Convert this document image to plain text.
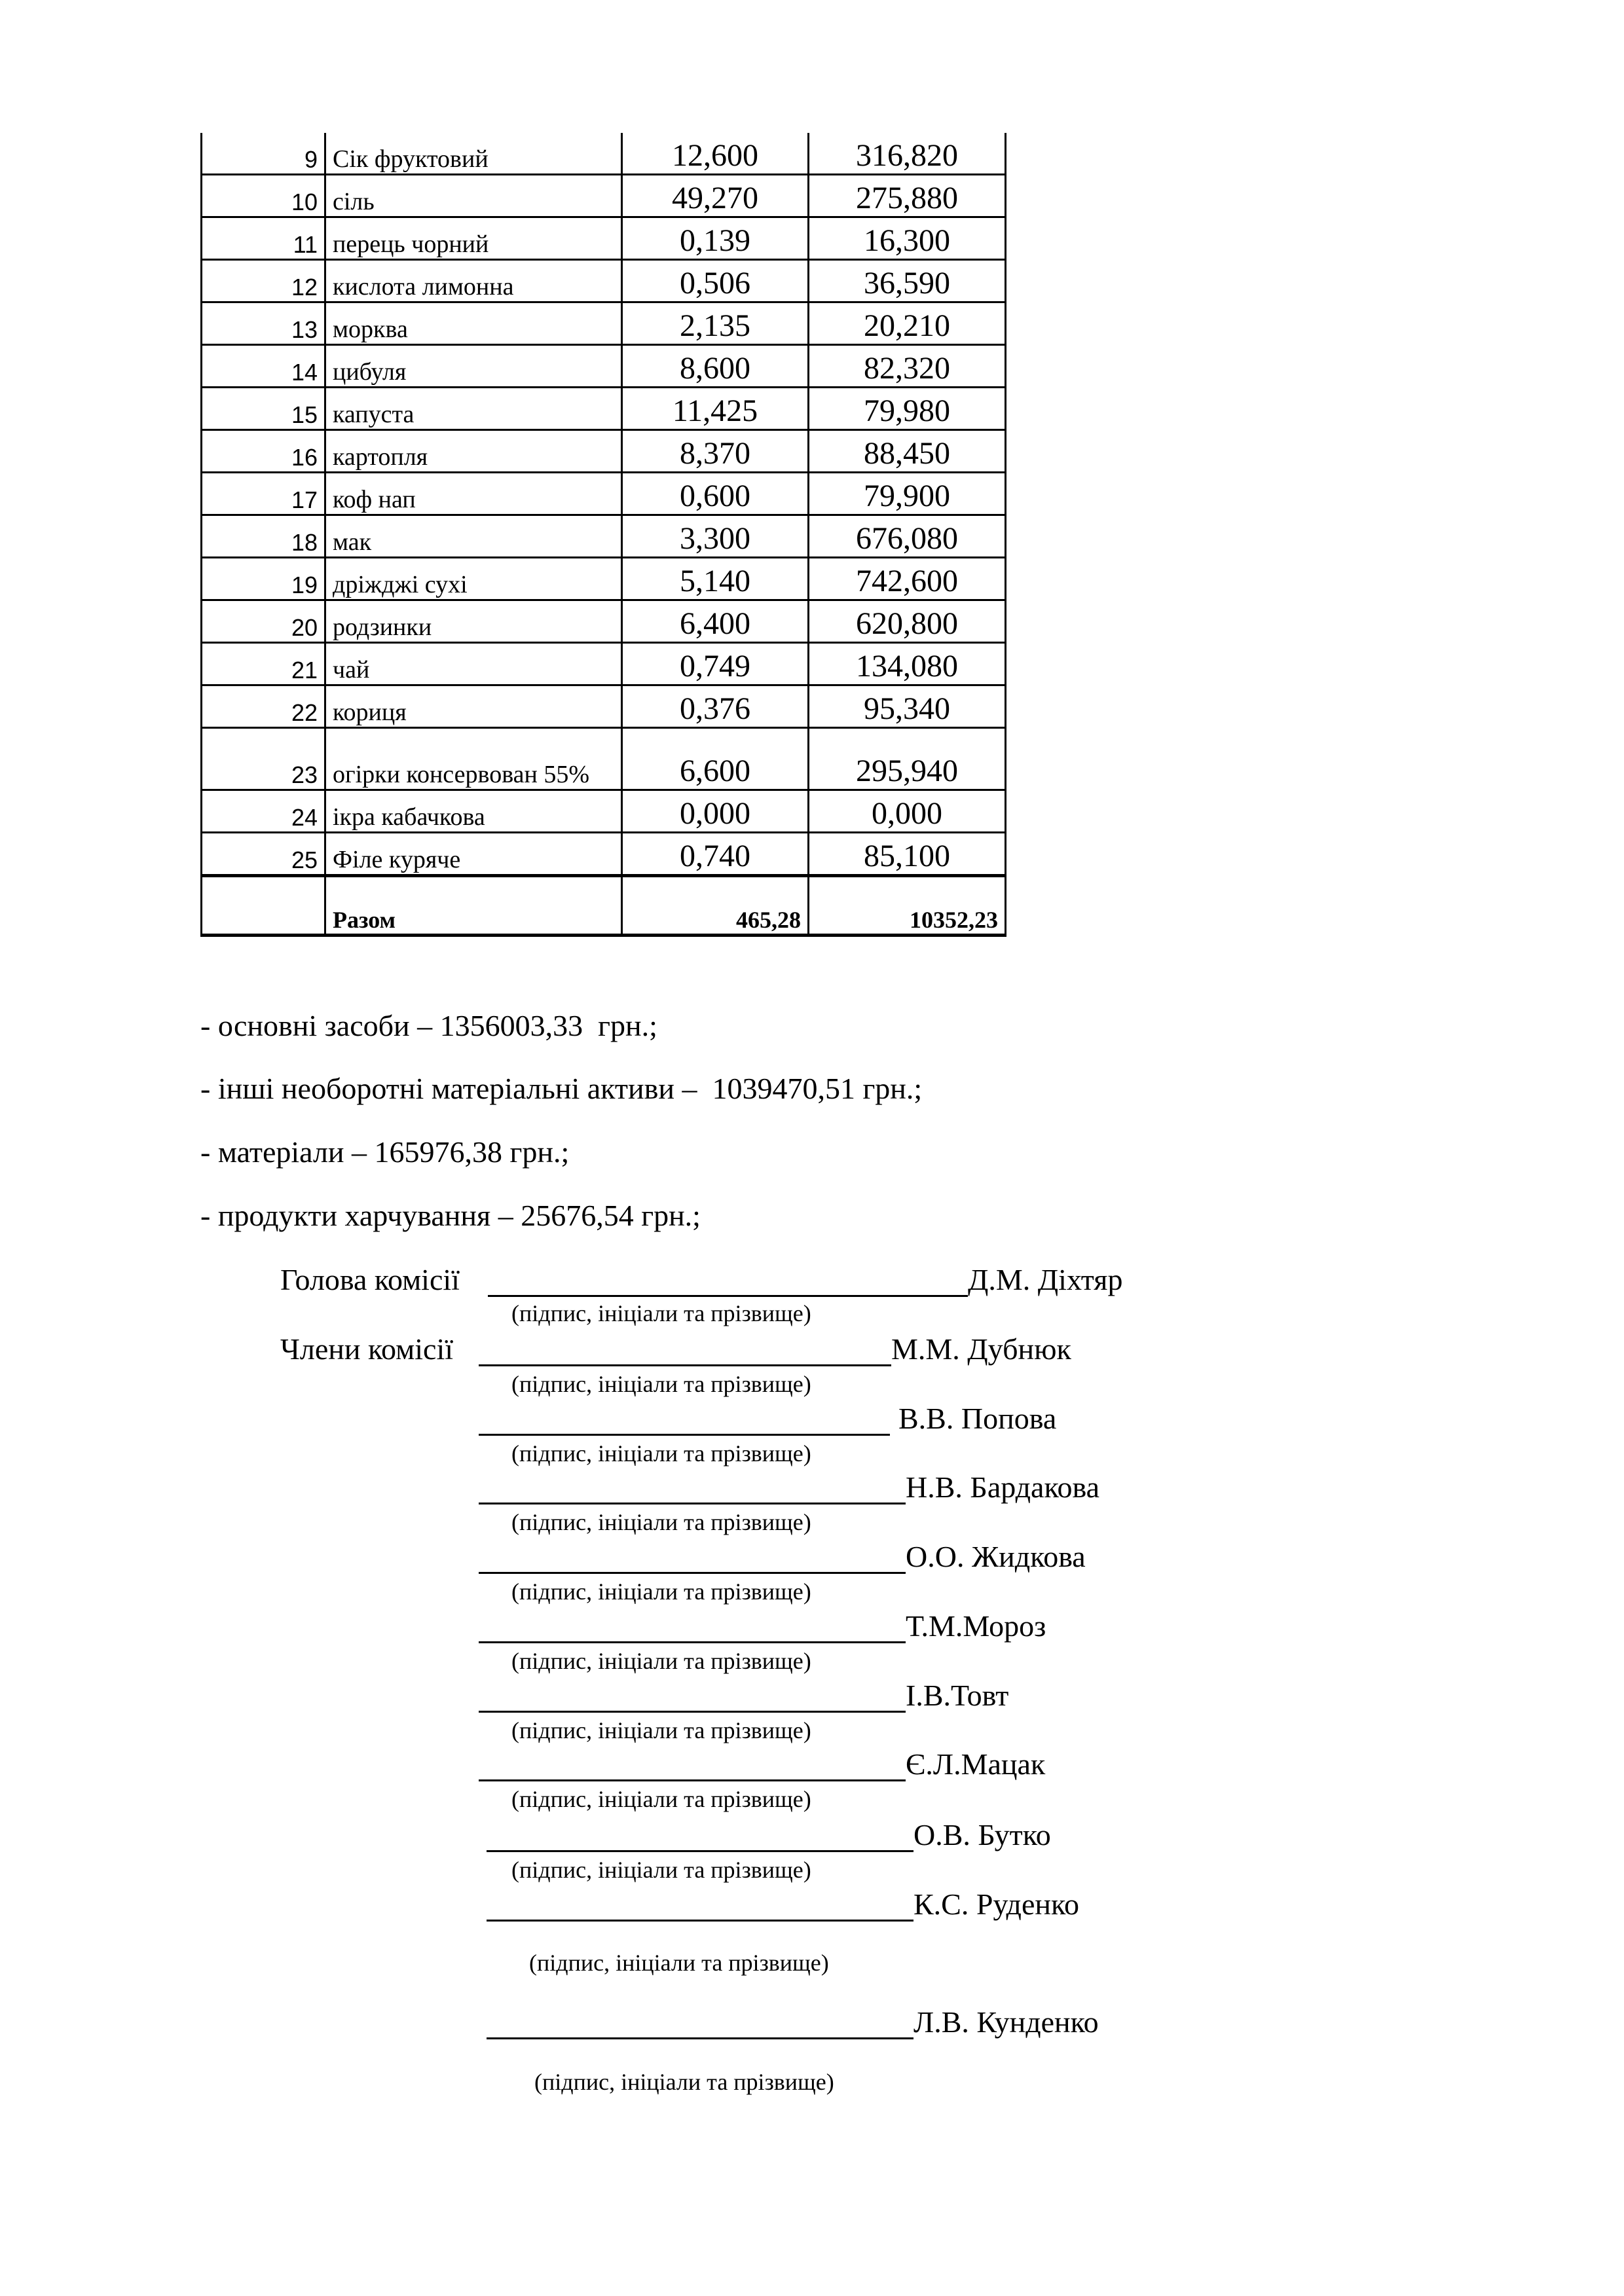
9	Сік фруктовий	12,600	316,820
10	сіль	49,270	275,880
11	перець чорний	0,139	16,300
12	кислота лимонна	0,506	36,590
13	морква	2,135	20,210
14	цибуля	8,600	82,320
15	капуста	11,425	79,980
16	картопля	8,370	88,450
17	коф нап	0,600	79,900
18	мак	3,300	676,080
19	дріжджі сухі	5,140	742,600
20	родзинки	6,400	620,800
21	чай	0,749	134,080
22	кориця	0,376	95,340
23	огірки консервован 55%	6,600	295,940
24	ікра кабачкова	0,000	0,000
25	Філе куряче	0,740	85,100
	Разом	465,28	10352,23
- основні засоби – 1356003,33  грн.;
- інші необоротні матеріальні активи –  1039470,51 грн.;
- матеріали – 165976,38 грн.;
- продукти харчування – 25676,54 грн.;
Голова комісії	Д.М. Діхтяр
(підпис, ініціали та прізвище)
Члени комісії	М.М. Дубнюк
(підпис, ініціали та прізвище)
В.В. Попова
(підпис, ініціали та прізвище)
Н.В. Бардакова
(підпис, ініціали та прізвище)
О.О. Жидкова
(підпис, ініціали та прізвище)
Т.М.Мороз
(підпис, ініціали та прізвище)
І.В.Товт
(підпис, ініціали та прізвище)
Є.Л.Мацак
(підпис, ініціали та прізвище)
О.В. Бутко
(підпис, ініціали та прізвище)
К.С. Руденко
(підпис, ініціали та прізвище)
Л.В. Кунденко
(підпис, ініціали та прізвище)
